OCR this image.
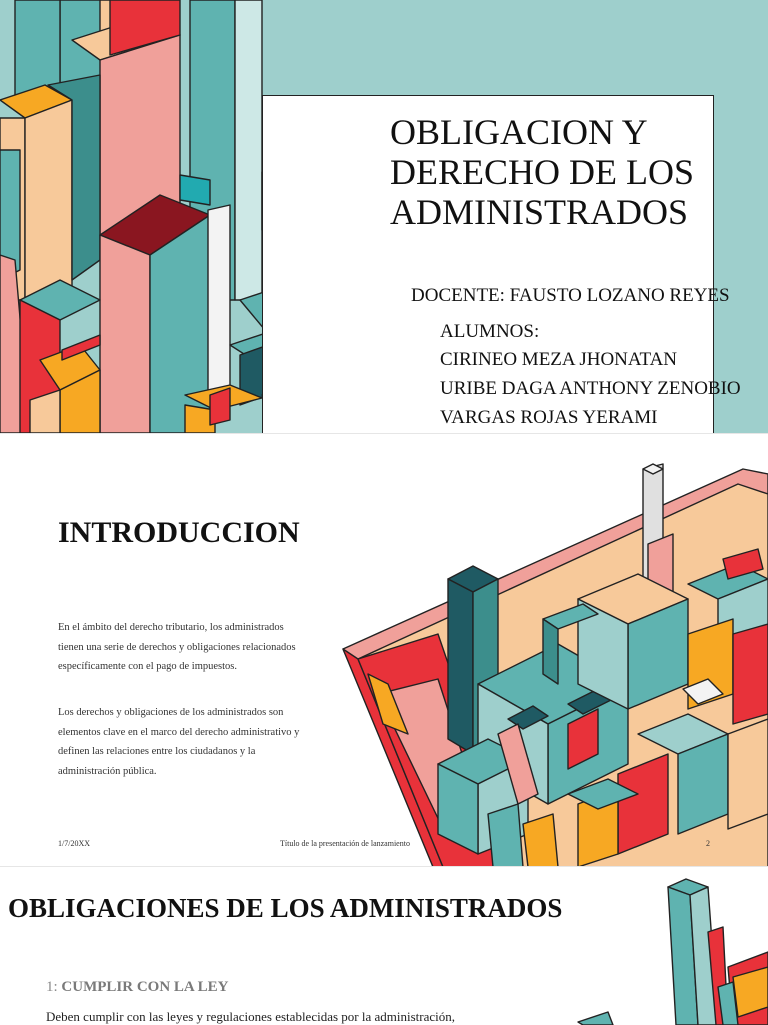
OBLIGACION Y DERECHO DE LOS ADMINISTRADOS
DOCENTE: FAUSTO LOZANO REYES
ALUMNOS:
CIRINEO MEZA JHONATAN
URIBE DAGA ANTHONY ZENOBIO
VARGAS ROJAS YERAMI
INTRODUCCION

En el ámbito del derecho tributario, los administrados tienen una serie de derechos y obligaciones relacionados específicamente con el pago de impuestos.

Los derechos y obligaciones de los administrados son elementos clave en el marco del derecho administrativo y definen las relaciones entre los ciudadanos y la administración pública.

1/7/20XX	Título de la presentación de lanzamiento	2
OBLIGACIONES DE LOS ADMINISTRADOS
1: CUMPLIR CON LA LEY
Deben cumplir con las leyes y regulaciones establecidas por la administración,
